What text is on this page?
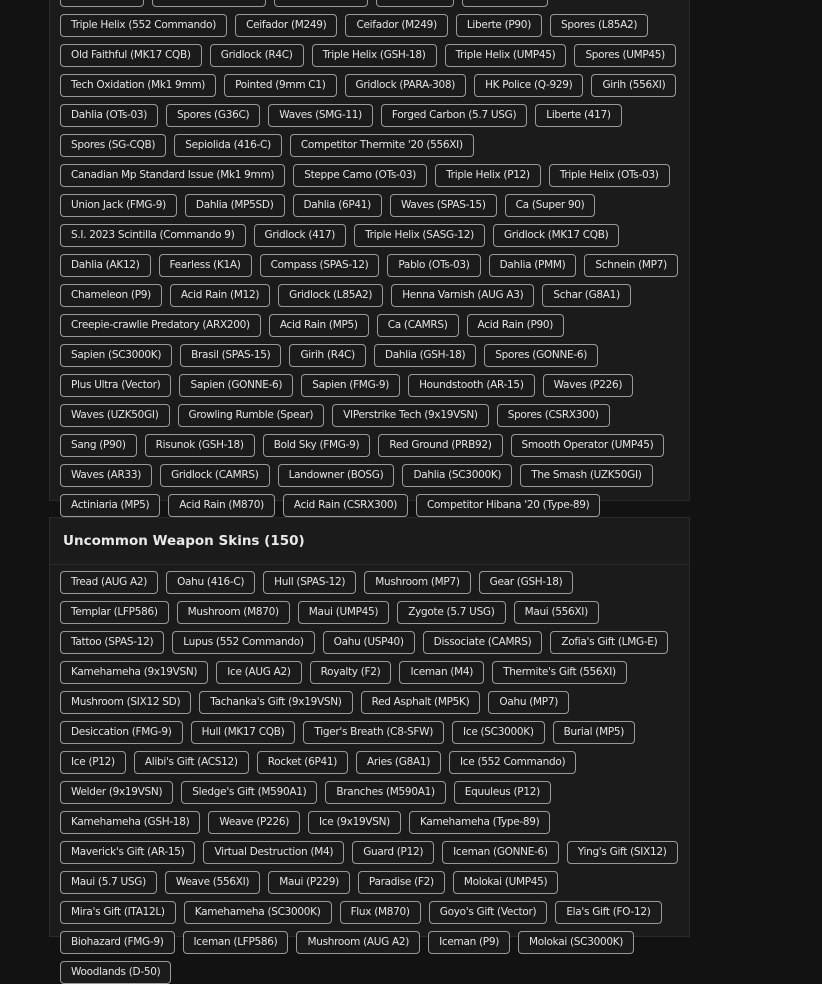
Triple Helix (552 Commando)	Ceifador (M249)	Ceifador (M249)	Liberte (P90)	Spores (L85A2)
Old Faithful (MK17 CQB)	Gridlock (R4C)	Triple Helix (GSH-18)	Triple Helix (UMP45)	Spores (UMP45)
Tech Oxidation (Mk1 9mm)	Pointed (9mm C1)	Gridlock (PARA-308)	HK Police (Q-929)	Girih (556XI)
Dahlia (OTs-03)	Spores (G36C)	Waves (SMG-11)	Forged Carbon (5.7 USG)	Liberte (417)
Spores (SG-CQB)	Sepiolida (416-C)	Competitor Thermite '20 (556XI)
Canadian Mp Standard Issue (Mk1 9mm)	Steppe Camo (OTs-03)	Triple Helix (P12)	Triple Helix (OTs-03)
Union Jack (FMG-9)	Dahlia (MP5SD)	Dahlia (6P41)	Waves (SPAS-15)	Ca (Super 90)
S.I. 2023 Scintilla (Commando 9)	Gridlock (417)	Triple Helix (SASG-12)	Gridlock (MK17 CQB)
Dahlia (AK12)	Fearless (K1A)	Compass (SPAS-12)	Pablo (OTs-03)	Dahlia (PMM)	Schnein (MP7)
Chameleon (P9)	Acid Rain (M12)	Gridlock (L85A2)	Henna Varnish (AUG A3)	Schar (G8A1)
Creepie-crawlie Predatory (ARX200)	Acid Rain (MP5)	Ca (CAMRS)	Acid Rain (P90)
Sapien (SC3000K)	Brasil (SPAS-15)	Girih (R4C)	Dahlia (GSH-18)	Spores (GONNE-6)
Plus Ultra (Vector)	Sapien (GONNE-6)	Sapien (FMG-9)	Houndstooth (AR-15)	Waves (P226)
Waves (UZK50GI)	Growling Rumble (Spear)	VIPerstrike Tech (9x19VSN)	Spores (CSRX300)
Sang (P90)	Risunok (GSH-18)	Bold Sky (FMG-9)	Red Ground (PRB92)	Smooth Operator (UMP45)
Waves (AR33)	Gridlock (CAMRS)	Landowner (BOSG)	Dahlia (SC3000K)	The Smash (UZK50GI)
Actiniaria (MP5)	Acid Rain (M870)	Acid Rain (CSRX300)	Competitor Hibana '20 (Type-89)
Uncommon Weapon Skins (150)
Tread (AUG A2)	Oahu (416-C)	Hull (SPAS-12)	Mushroom (MP7)	Gear (GSH-18)
Templar (LFP586)	Mushroom (M870)	Maui (UMP45)	Zygote (5.7 USG)	Maui (556XI)
Tattoo (SPAS-12)	Lupus (552 Commando)	Oahu (USP40)	Dissociate (CAMRS)	Zofia's Gift (LMG-E)
Kamehameha (9x19VSN)	Ice (AUG A2)	Royalty (F2)	Iceman (M4)	Thermite's Gift (556XI)
Mushroom (SIX12 SD)	Tachanka's Gift (9x19VSN)	Red Asphalt (MP5K)	Oahu (MP7)
Desiccation (FMG-9)	Hull (MK17 CQB)	Tiger's Breath (C8-SFW)	Ice (SC3000K)	Burial (MP5)
Ice (P12)	Alibi's Gift (ACS12)	Rocket (6P41)	Aries (G8A1)	Ice (552 Commando)
Welder (9x19VSN)	Sledge's Gift (M590A1)	Branches (M590A1)	Equuleus (P12)
Kamehameha (GSH-18)	Weave (P226)	Ice (9x19VSN)	Kamehameha (Type-89)
Maverick's Gift (AR-15)	Virtual Destruction (M4)	Guard (P12)	Iceman (GONNE-6)	Ying's Gift (SIX12)
Maui (5.7 USG)	Weave (556XI)	Maui (P229)	Paradise (F2)	Molokai (UMP45)
Mira's Gift (ITA12L)	Kamehameha (SC3000K)	Flux (M870)	Goyo's Gift (Vector)	Ela's Gift (FO-12)
Biohazard (FMG-9)	Iceman (LFP586)	Mushroom (AUG A2)	Iceman (P9)	Molokai (SC3000K)
Woodlands (D-50)
